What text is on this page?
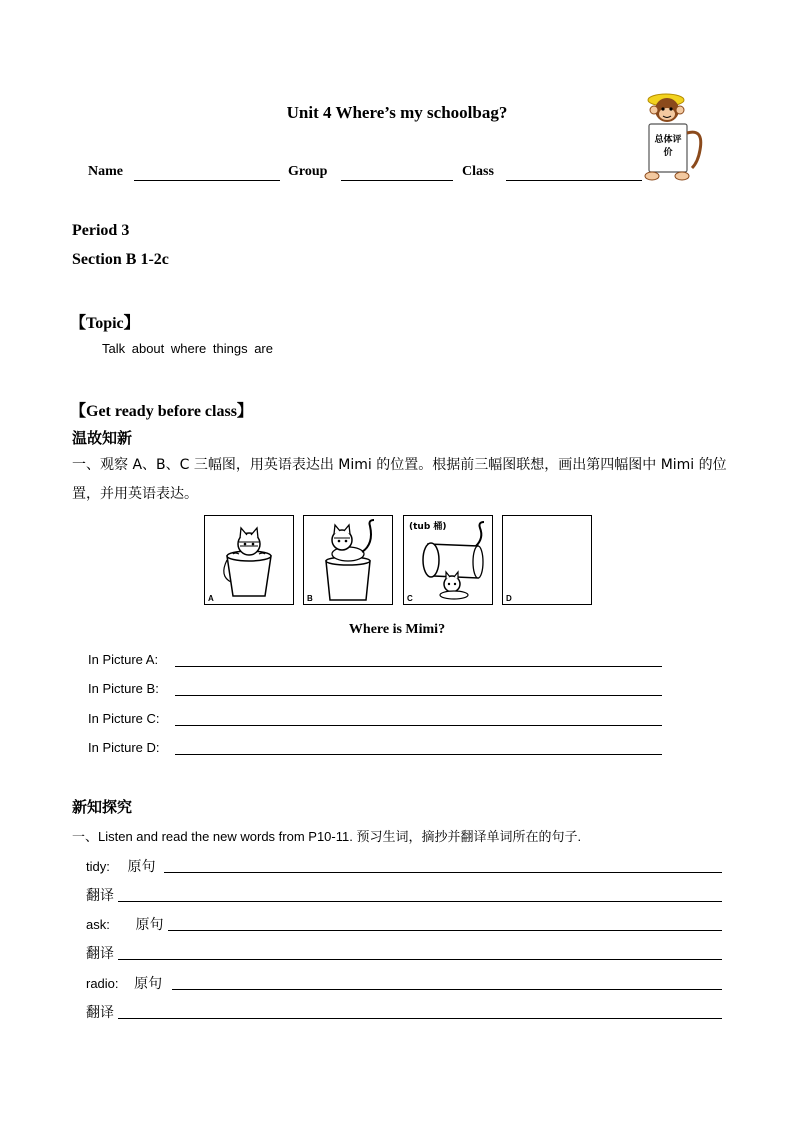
Unit 4 Where’s my schoolbag?
总体评价
Name	Group	Class
Period 3
Section B 1-2c
【Topic】
Talk about where things are
【Get ready before class】
温故知新
一、观察 A、B、C 三幅图，用英语表达出 Mimi 的位置。根据前三幅图联想，画出第四幅图中 Mimi 的位置，并用英语表达。
A	B
(tub 桶)
C	D
Where is Mimi?
In Picture A:
In Picture B:
In Picture C:
In Picture D:
新知探究
一、Listen and read the new words from P10-11. 预习生词，摘抄并翻译单词所在的句子.
tidy: 原句
翻译
ask: 原句
翻译
radio: 原句
翻译
